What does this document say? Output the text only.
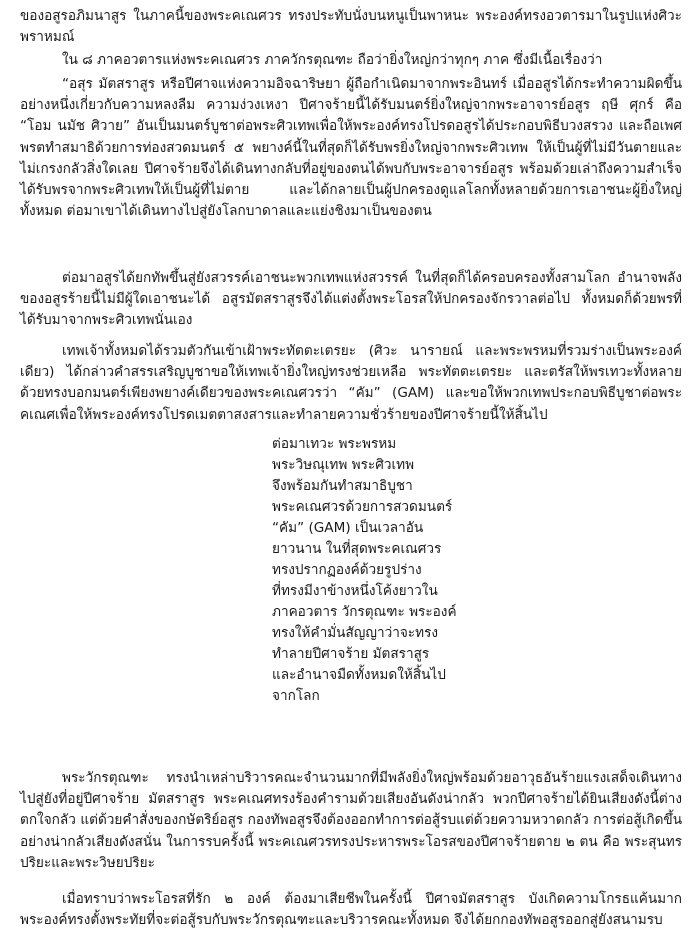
ของอสูรอภิมนาสูร ในภาคนี้ของพระคเณศวร ทรงประทับนั่งบนหนูเป็นพาหนะ พระองค์ทรงอวตารมาในรูปแห่งศิวะพราหมณ์

ใน ๘ ภาคอวตารแห่งพระคเณศวร ภาควักรตุณฑะ ถือว่ายิ่งใหญ่กว่าทุกๆ ภาค ซึ่งมีเนื้อเรื่องว่า

“อสุร มัตสราสูร หรือปีศาจแห่งความอิจฉาริษยา ผู้ถือกำเนิดมาจากพระอินทร์ เมื่ออสูรได้กระทำความผิดขึ้นอย่างหนึ่งเกี่ยวกับความหลงลืม ความง่วงเหงา ปีศาจร้ายนี้ได้รับมนตร์ยิ่งใหญ่จากพระอาจารย์อสูร ฤษี ศุกร์ คือ “โอม นมัช ศิวาย” อันเป็นมนตร์บูชาต่อพระศิวเทพเพื่อให้พระองค์ทรงโปรดอสูรได้ประกอบพิธีบวงสรวง และถือเพศพรตทำสมาธิด้วยการท่องสวดมนตร์ ๕ พยางค์นี้ในที่สุดก็ได้รับพรยิ่งใหญ่จากพระศิวเทพ ให้เป็นผู้ที่ไม่มีวันตายและไม่เกรงกลัวสิ่งใดเลย ปีศาจร้ายจึงได้เดินทางกลับที่อยู่ของตนได้พบกับพระอาจารย์อสูร พร้อมด้วยเล่าถึงความสำเร็จได้รับพรจากพระศิวเทพให้เป็นผู้ที่ไม่ตาย และได้กลายเป็นผู้ปกครองดูแลโลกทั้งหลายด้วยการเอาชนะผู้ยิ่งใหญ่ทั้งหมด ต่อมาเขาได้เดินทางไปสู่ยังโลกบาดาลและแย่งชิงมาเป็นของตน

ต่อมาอสูรได้ยกทัพขึ้นสู่ยังสวรรค์เอาชนะพวกเทพแห่งสวรรค์ ในที่สุดก็ได้ครอบครองทั้งสามโลก อำนาจพลังของอสูรร้ายนี้ไม่มีผู้ใดเอาชนะได้ อสูรมัตสราสูรจึงได้แต่งตั้งพระโอรสให้ปกครองจักรวาลต่อไป ทั้งหมดก็ด้วยพรที่ได้รับมาจากพระศิวเทพนั่นเอง

เทพเจ้าทั้งหมดได้รวมตัวกันเข้าเฝ้าพระทัตตะเตรยะ (ศิวะ นารายณ์ และพระพรหมที่รวมร่างเป็นพระองค์เดียว) ได้กล่าวคำสรรเสริญบูชาขอให้เทพเจ้ายิ่งใหญ่ทรงช่วยเหลือ พระทัตตะเตรยะ และตรัสให้พรเทวะทั้งหลาย ด้วยทรงบอกมนตร์เพียงพยางค์เดียวของพระคเณศวรว่า “คัม” (GAM) และขอให้พวกเทพประกอบพิธีบูชาต่อพระคเณศเพื่อให้พระองค์ทรงโปรดเมตตาสงสารและทำลายความชั่วร้ายของปีศาจร้ายนี้ให้สิ้นไป

ต่อมาเทวะ พระพรหม
พระวิษณุเทพ พระศิวเทพ
จึงพร้อมกันทำสมาธิบูชา
พระคเณศวรด้วยการสวดมนตร์
“คัม” (GAM) เป็นเวลาอัน
ยาวนาน ในที่สุดพระคเณศวร
ทรงปรากฏองค์ด้วยรูปร่าง
ที่ทรงมีงาข้างหนึ่งโค้งยาวใน
ภาคอวตาร วักรตุณฑะ พระองค์
ทรงให้คำมั่นสัญญาว่าจะทรง
ทำลายปีศาจร้าย มัตสราสูร
และอำนาจมืดทั้งหมดให้สิ้นไป
จากโลก

พระวักรตุณฑะ ทรงนำเหล่าบริวารคณะจำนวนมากที่มีพลังยิ่งใหญ่พร้อมด้วยอาวุธอันร้ายแรงเสด็จเดินทางไปสู่ยังที่อยู่ปีศาจร้าย มัตสราสูร พระคเณศทรงร้องคำรามด้วยเสียงอันดังน่ากลัว พวกปีศาจร้ายได้ยินเสียงดังนี้ต่างตกใจกลัว แต่ด้วยคำสั่งของกษัตริย์อสูร กองทัพอสูรจึงต้องออกทำการต่อสู้รบแต่ด้วยความหวาดกลัว การต่อสู้เกิดขึ้นอย่างน่ากลัวเสียงดังสนั่น ในการรบครั้งนี้ พระคเณศวรทรงประหารพระโอรสของปีศาจร้ายตาย ๒ ตน คือ พระสุนทรปริยะและพระวิษยปริยะ

เมื่อทราบว่าพระโอรสที่รัก ๒ องค์ ต้องมาเสียชีพในครั้งนี้ ปีศาจมัตสราสูร บังเกิดความโกรธแค้นมาก พระองค์ทรงตั้งพระทัยที่จะต่อสู้รบกับพระวักรตุณฑะและบริวารคณะทั้งหมด จึงได้ยกกองทัพอสูรออกสู่ยังสนามรบ
